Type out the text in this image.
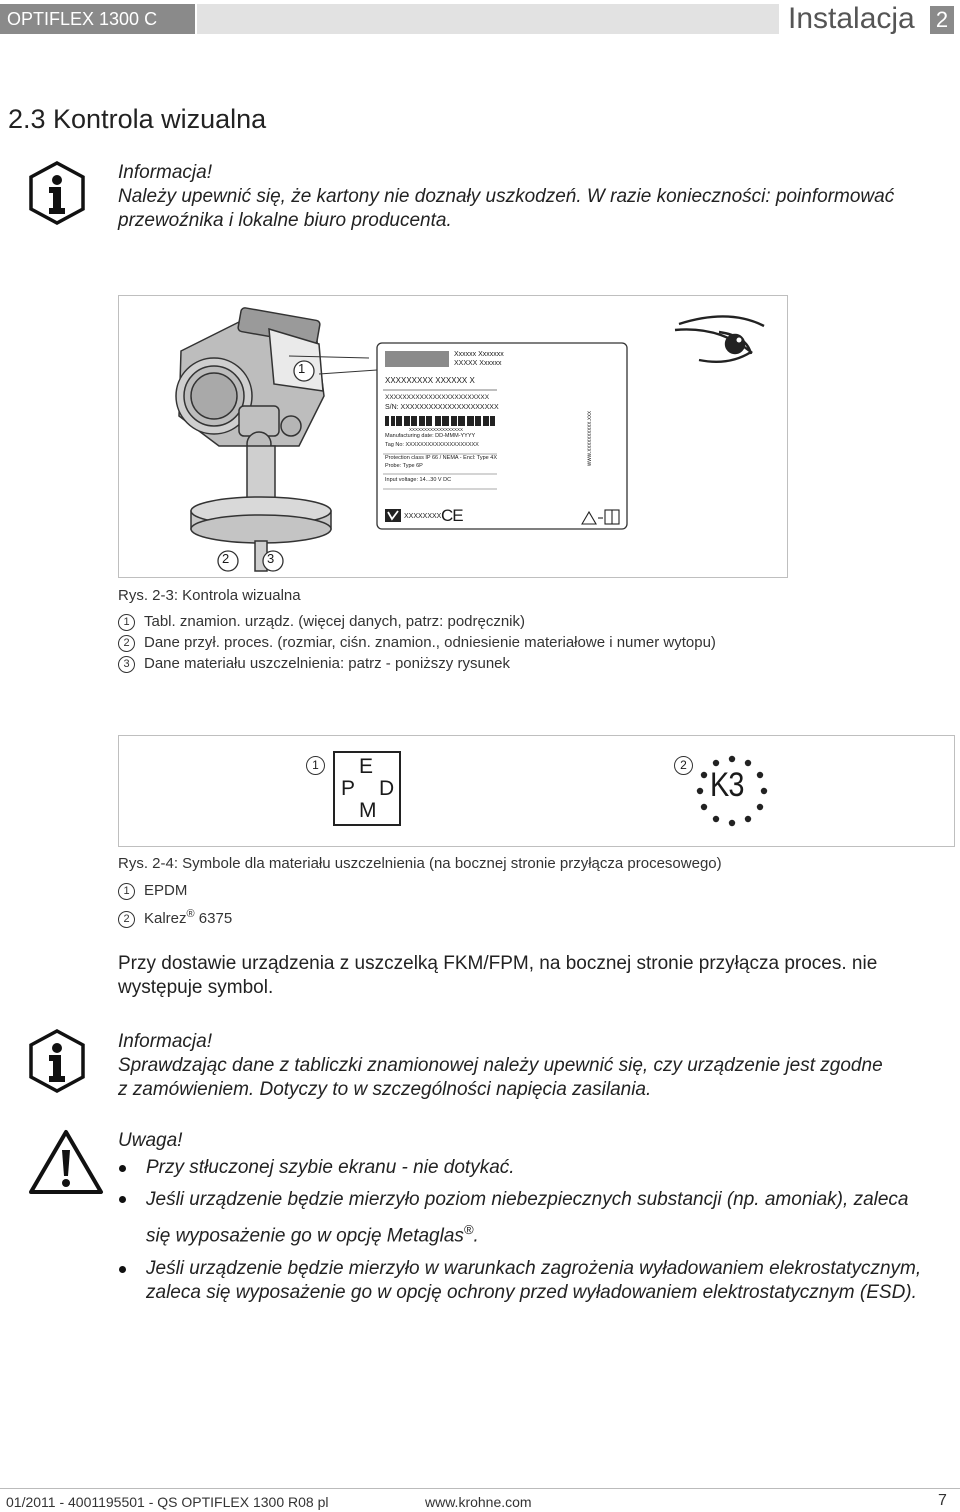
OPTIFLEX 1300 C	Instalacja 2
2.3 Kontrola wizualna
Informacja!
Należy upewnić się, że kartony nie doznały uszkodzeń. W razie konieczności: poinformować
przewoźnika i lokalne biuro producenta.
1
2	3
Xxxxxx Xxxxxxx
XXXXX Xxxxxx
XXXXXXXXX XXXXXX X
XXXXXXXXXXXXXXXXXXXXXXXX
S/N: XXXXXXXXXXXXXXXXXXXXX
XXXXXXXXXXXXXXXXXX
Manufacturing date: DD-MMM-YYYY
Tag No: XXXXXXXXXXXXXXXXXXXX
Protection class IP 66 / NEMA - Encl: Type 4X
Probe: Type 6P
Input voltage: 14...30 V DC
XXXXXXXX CE
www.xxxxxxxxxx.xxx
Rys. 2-3: Kontrola wizualna
1 Tabl. znamion. urządz. (więcej danych, patrz: podręcznik)
2 Dane przył. proces. (rozmiar, ciśn. znamion., odniesienie materiałowe i numer wytopu)
3 Dane materiału uszczelnienia: patrz - poniższy rysunek
1 E
P D
M
2
K3
Rys. 2-4: Symbole dla materiału uszczelnienia (na bocznej stronie przyłącza procesowego)
1 EPDM
2 Kalrez® 6375
Przy dostawie urządzenia z uszczelką FKM/FPM, na bocznej stronie przyłącza proces. nie
występuje symbol.
Informacja!
Sprawdzając dane z tabliczki znamionowej należy upewnić się, czy urządzenie jest zgodne
z zamówieniem. Dotyczy to w szczególności napięcia zasilania.
Uwaga!
Przy stłuczonej szybie ekranu - nie dotykać.
Jeśli urządzenie będzie mierzyło poziom niebezpiecznych substancji (np. amoniak), zaleca
się wyposażenie go w opcję Metaglas®.
Jeśli urządzenie będzie mierzyło w warunkach zagrożenia wyładowaniem elekrostatycznym,
zaleca się wyposażenie go w opcję ochrony przed wyładowaniem elektrostatycznym (ESD).
01/2011 - 4001195501 - QS OPTIFLEX 1300 R08 pl	www.krohne.com	7
